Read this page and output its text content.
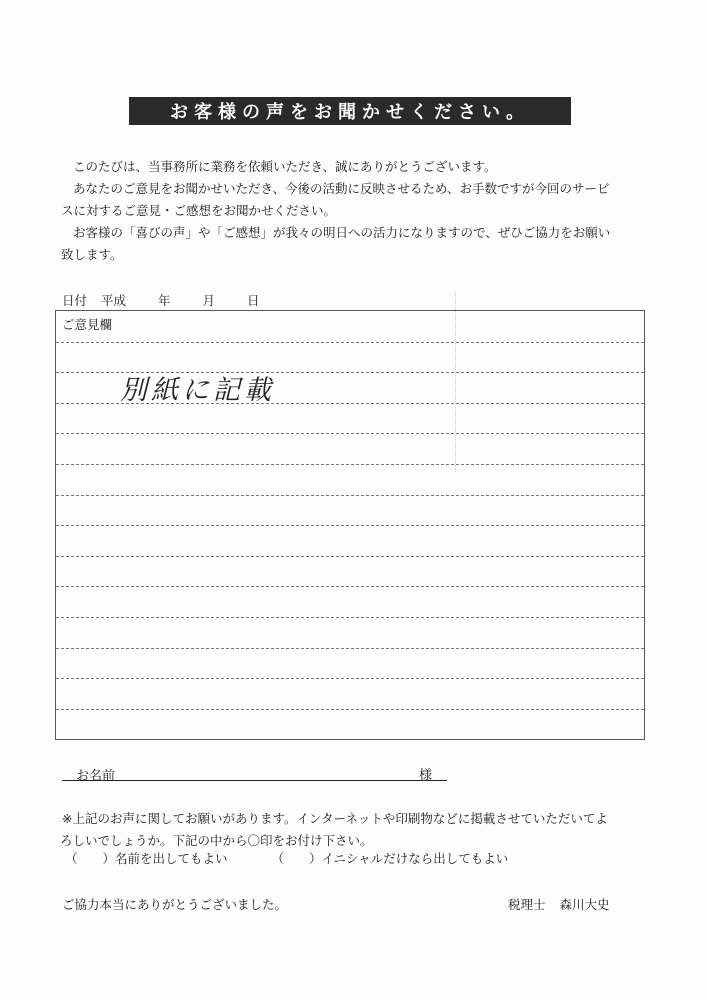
お客様の声をお聞かせください。

このたびは、当事務所に業務を依頼いただき、誠にありがとうございます。

あなたのご意見をお聞かせいただき、今後の活動に反映させるため、お手数ですが今回のサービ

スに対するご意見・ご感想をお聞かせください。

お客様の「喜びの声」や「ご感想」が我々の明日への活力になりますので、ぜひご協力をお願い

致します。

日付 平成	年	月	日
ご意見欄
別紙に記載
お名前	様

※上記のお声に関してお願いがあります。インターネットや印刷物などに掲載させていただいてよ

ろしいでしょうか。下記の中から〇印をお付け下さい。

（　　）名前を出してもよい	（　　）イニシャルだけなら出してもよい
ご協力本当にありがとうございました。	税理士 森川大史
